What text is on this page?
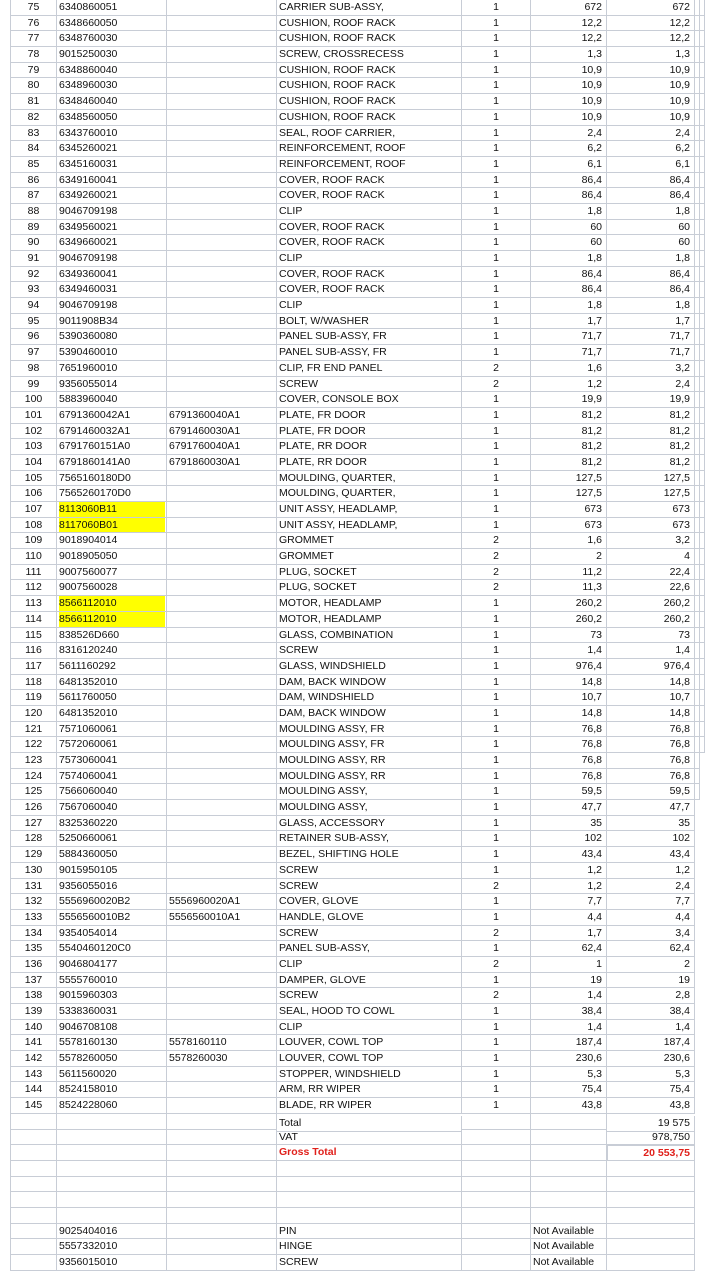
75	6340860051	CARRIER SUB-ASSY,	1	672	672
76	6348660050	CUSHION, ROOF RACK	1	12,2	12,2
77	6348760030	CUSHION, ROOF RACK	1	12,2	12,2
78	9015250030	SCREW, CROSSRECESS	1	1,3	1,3
79	6348860040	CUSHION, ROOF RACK	1	10,9	10,9
80	6348960030	CUSHION, ROOF RACK	1	10,9	10,9
81	6348460040	CUSHION, ROOF RACK	1	10,9	10,9
82	6348560050	CUSHION, ROOF RACK	1	10,9	10,9
83	6343760010	SEAL, ROOF CARRIER,	1	2,4	2,4
84	6345260021	REINFORCEMENT, ROOF	1	6,2	6,2
85	6345160031	REINFORCEMENT, ROOF	1	6,1	6,1
86	6349160041	COVER, ROOF RACK	1	86,4	86,4
87	6349260021	COVER, ROOF RACK	1	86,4	86,4
88	9046709198	CLIP	1	1,8	1,8
89	6349560021	COVER, ROOF RACK	1	60	60
90	6349660021	COVER, ROOF RACK	1	60	60
91	9046709198	CLIP	1	1,8	1,8
92	6349360041	COVER, ROOF RACK	1	86,4	86,4
93	6349460031	COVER, ROOF RACK	1	86,4	86,4
94	9046709198	CLIP	1	1,8	1,8
95	9011908B34	BOLT, W/WASHER	1	1,7	1,7
96	5390360080	PANEL SUB-ASSY, FR	1	71,7	71,7
97	5390460010	PANEL SUB-ASSY, FR	1	71,7	71,7
98	7651960010	CLIP, FR END PANEL	2	1,6	3,2
99	9356055014	SCREW	2	1,2	2,4
100	5883960040	COVER, CONSOLE BOX	1	19,9	19,9
101	6791360042A1	6791360040A1	PLATE, FR DOOR	1	81,2	81,2
102	6791460032A1	6791460030A1	PLATE, FR DOOR	1	81,2	81,2
103	6791760151A0	6791760040A1	PLATE, RR DOOR	1	81,2	81,2
104	6791860141A0	6791860030A1	PLATE, RR DOOR	1	81,2	81,2
105	7565160180D0	MOULDING, QUARTER,	1	127,5	127,5
106	7565260170D0	MOULDING, QUARTER,	1	127,5	127,5
107	8113060B11	UNIT ASSY, HEADLAMP,	1	673	673
108	8117060B01	UNIT ASSY, HEADLAMP,	1	673	673
109	9018904014	GROMMET	2	1,6	3,2
110	9018905050	GROMMET	2	2	4
111	9007560077	PLUG, SOCKET	2	11,2	22,4
112	9007560028	PLUG, SOCKET	2	11,3	22,6
113	8566112010	MOTOR, HEADLAMP	1	260,2	260,2
114	8566112010	MOTOR, HEADLAMP	1	260,2	260,2
115	838526D660	GLASS, COMBINATION	1	73	73
116	8316120240	SCREW	1	1,4	1,4
117	5611160292	GLASS, WINDSHIELD	1	976,4	976,4
118	6481352010	DAM, BACK WINDOW	1	14,8	14,8
119	5611760050	DAM, WINDSHIELD	1	10,7	10,7
120	6481352010	DAM, BACK WINDOW	1	14,8	14,8
121	7571060061	MOULDING ASSY, FR	1	76,8	76,8
122	7572060061	MOULDING ASSY, FR	1	76,8	76,8
123	7573060041	MOULDING ASSY, RR	1	76,8	76,8
124	7574060041	MOULDING ASSY, RR	1	76,8	76,8
125	7566060040	MOULDING ASSY,	1	59,5	59,5
126	7567060040	MOULDING ASSY,	1	47,7	47,7
127	8325360220	GLASS, ACCESSORY	1	35	35
128	5250660061	RETAINER SUB-ASSY,	1	102	102
129	5884360050	BEZEL, SHIFTING HOLE	1	43,4	43,4
130	9015950105	SCREW	1	1,2	1,2
131	9356055016	SCREW	2	1,2	2,4
132	5556960020B2	5556960020A1	COVER, GLOVE	1	7,7	7,7
133	5556560010B2	5556560010A1	HANDLE, GLOVE	1	4,4	4,4
134	9354054014	SCREW	2	1,7	3,4
135	5540460120C0	PANEL SUB-ASSY,	1	62,4	62,4
136	9046804177	CLIP	2	1	2
137	5555760010	DAMPER, GLOVE	1	19	19
138	9015960303	SCREW	2	1,4	2,8
139	5338360031	SEAL, HOOD TO COWL	1	38,4	38,4
140	9046708108	CLIP	1	1,4	1,4
141	5578160130	5578160110	LOUVER, COWL TOP	1	187,4	187,4
142	5578260050	5578260030	LOUVER, COWL TOP	1	230,6	230,6
143	5611560020	STOPPER, WINDSHIELD	1	5,3	5,3
144	8524158010	ARM, RR WIPER	1	75,4	75,4
145	8524228060	BLADE, RR WIPER	1	43,8	43,8
Total	19 575
VAT	978,750
Gross Total	20 553,75
9025404016	PIN	Not Available
5557332010	HINGE	Not Available
9356015010	SCREW	Not Available
